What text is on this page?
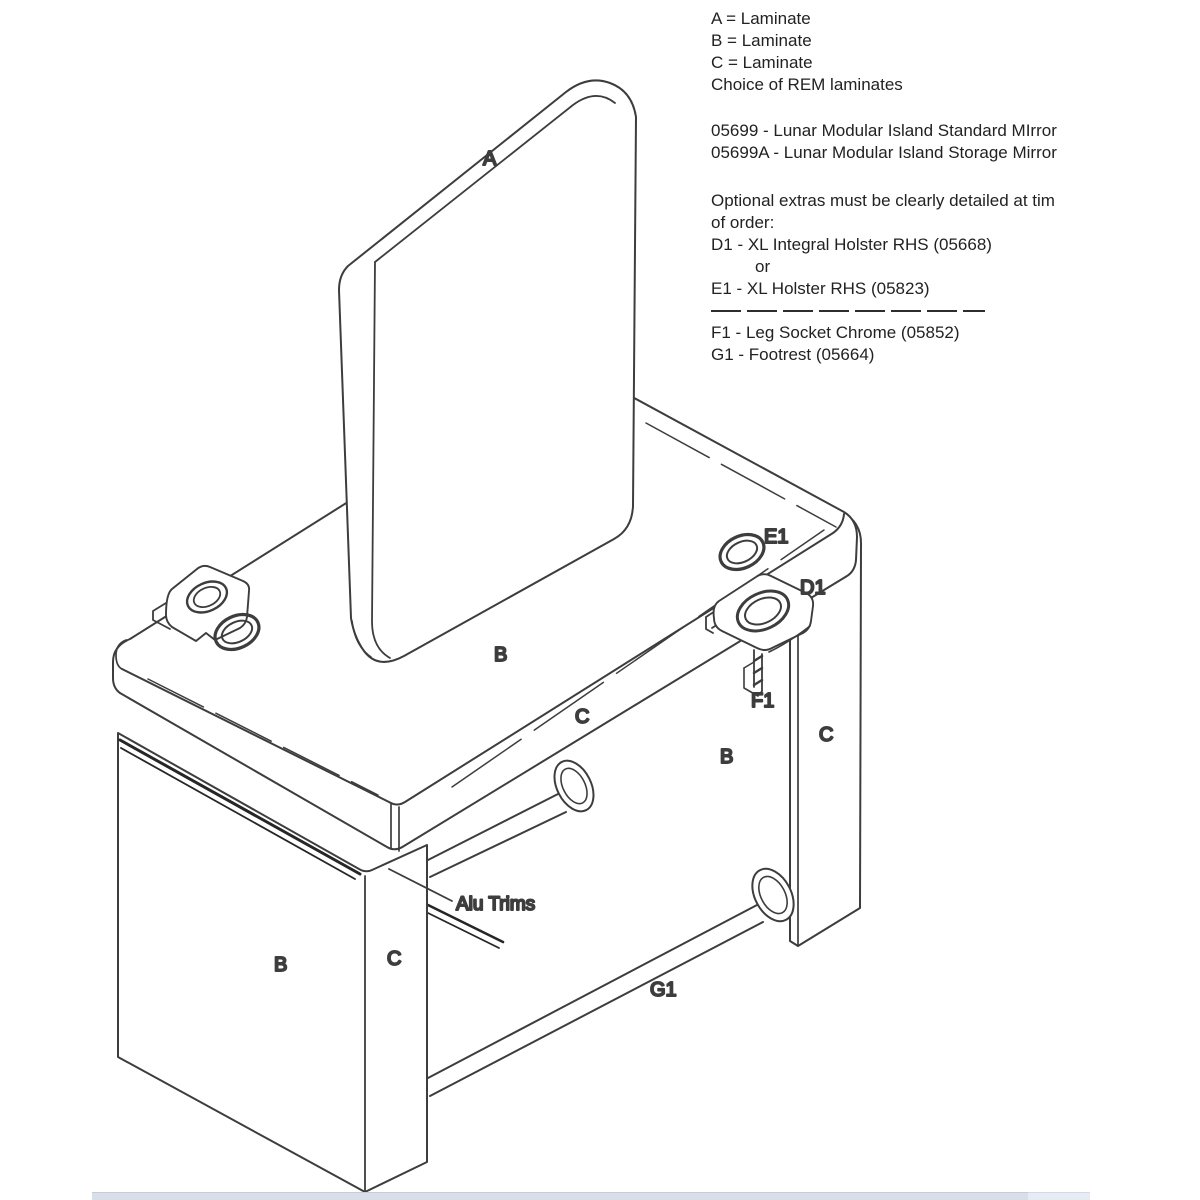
A
E1
D1
B
C
F1
B
C
Alu Trims
B	C
G1
A = Laminate
B = Laminate
C = Laminate
Choice of REM laminates
05699 - Lunar Modular Island Standard MIrror
05699A - Lunar Modular Island Storage Mirror
Optional extras must be clearly detailed at tim
of order:
D1 - XL Integral Holster RHS (05668)
or
E1 - XL Holster RHS (05823)
F1 - Leg Socket Chrome (05852)
G1 - Footrest (05664)
